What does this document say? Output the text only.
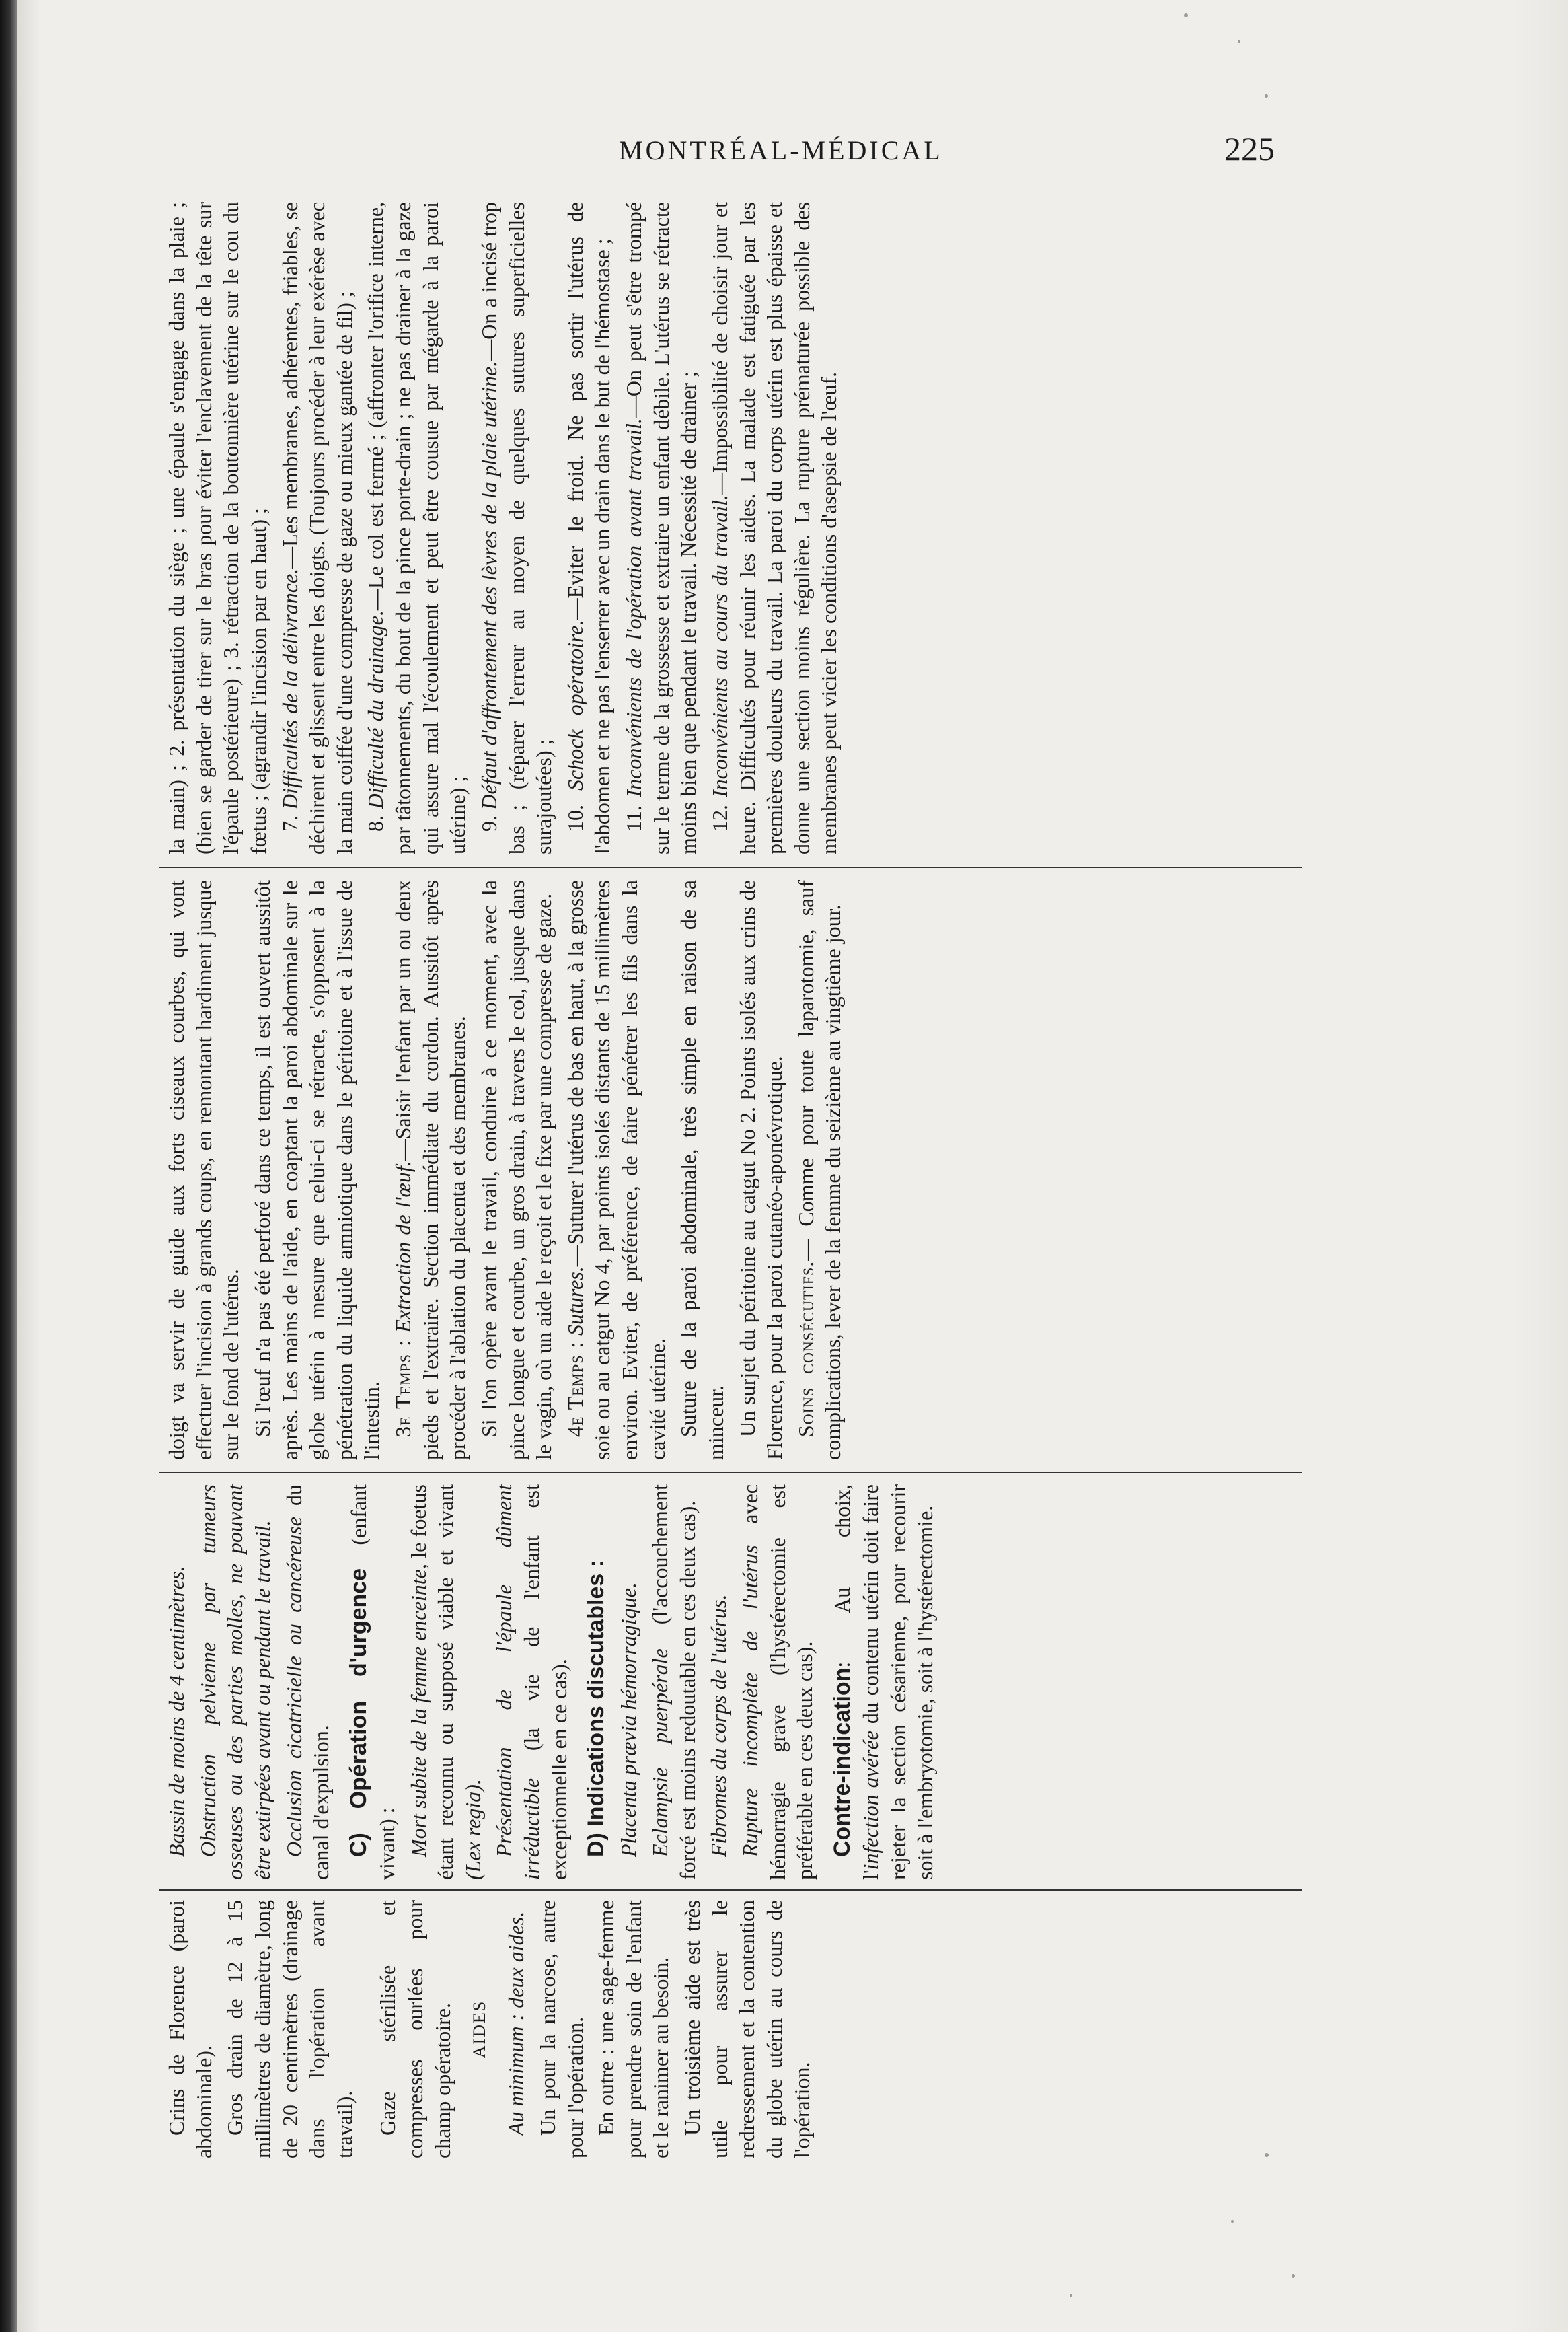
MONTRÉAL-MÉDICAL	225

Crins de Florence (paroi abdominale). Gros drain de 12 à 15 millimètres de diamètre, long de 20 centimètres (drainage dans l'opération avant travail). Gaze stérilisée et compresses ourlées pour champ opératoire. AIDES Au minimum : deux aides. Un pour la narcose, autre pour l'opération. En outre : une sage-femme pour prendre soin de l'enfant et le ranimer au besoin. Un troisième aide est très utile pour assurer le redressement et la contention du globe utérin au cours de l'opération.

Bassin de moins de 4 centimètres. Obstruction pelvienne par tumeurs osseuses ou des parties molles, ne pouvant être extirpées avant ou pendant le travail. Occlusion cicatricielle ou cancéreuse du canal d'expulsion. C) Opération d'urgence (enfant vivant) : Mort subite de la femme enceinte, le foetus étant reconnu ou supposé viable et vivant (Lex regia). Présentation de l'épaule dûment irréductible (la vie de l'enfant est exceptionnelle en ce cas). D) Indications discutables : Placenta prævia hémorragique. Eclampsie puerpérale (l'accouchement forcé est moins redoutable en ces deux cas). Fibromes du corps de l'utérus. Rupture incomplète de l'utérus avec hémorragie grave (l'hystérectomie est préférable en ces deux cas). Contre-indication: Au choix, l'infection avérée du contenu utérin doit faire rejeter la section césarienne, pour recourir soit à l'embryotomie, soit à l'hystérectomie.

doigt va servir de guide aux forts ciseaux courbes, qui vont effectuer l'incision à grands coups, en remontant hardiment jusque sur le fond de l'utérus. Si l'œuf n'a pas été perforé dans ce temps, il est ouvert aussitôt après. Les mains de l'aide, en coaptant la paroi abdominale sur le globe utérin à mesure que celui-ci se rétracte, s'opposent à la pénétration du liquide amniotique dans le péritoine et à l'issue de l'intestin. 3e Temps : Extraction de l'œuf.—Saisir l'enfant par un ou deux pieds et l'extraire. Section immédiate du cordon. Aussitôt après procéder à l'ablation du placenta et des membranes. Si l'on opère avant le travail, conduire à ce moment, avec la pince longue et courbe, un gros drain, à travers le col, jusque dans le vagin, où un aide le reçoit et le fixe par une compresse de gaze. 4e Temps : Sutures.—Suturer l'utérus de bas en haut, à la grosse soie ou au catgut No 4, par points isolés distants de 15 millimètres environ. Eviter, de préférence, de faire pénétrer les fils dans la cavité utérine. Suture de la paroi abdominale, très simple en raison de sa minceur. Un surjet du péritoine au catgut No 2. Points isolés aux crins de Florence, pour la paroi cutanéo-aponévrotique. Soins consécutifs.— Comme pour toute laparotomie, sauf complications, lever de la femme du seizième au vingtième jour.

la main) ; 2. présentation du siège ; une épaule s'engage dans la plaie ; (bien se garder de tirer sur le bras pour éviter l'enclavement de la tête sur l'épaule postérieure) ; 3. rétraction de la boutonnière utérine sur le cou du fœtus ; (agrandir l'incision par en haut) ; 7. Difficultés de la délivrance.—Les membranes, adhérentes, friables, se déchirent et glissent entre les doigts. (Toujours procéder à leur exérèse avec la main coiffée d'une compresse de gaze ou mieux gantée de fil) ; 8. Difficulté du drainage.—Le col est fermé ; (affronter l'orifice interne, par tâtonnements, du bout de la pince porte-drain ; ne pas drainer à la gaze qui assure mal l'écoulement et peut être cousue par mégarde à la paroi utérine) ; 9. Défaut d'affrontement des lèvres de la plaie utérine.—On a incisé trop bas ; (réparer l'erreur au moyen de quelques sutures superficielles surajoutées) ; 10. Schock opératoire.—Eviter le froid. Ne pas sortir l'utérus de l'abdomen et ne pas l'enserrer avec un drain dans le but de l'hémostase ; 11. Inconvénients de l'opération avant travail.—On peut s'être trompé sur le terme de la grossesse et extraire un enfant débile. L'utérus se rétracte moins bien que pendant le travail. Nécessité de drainer ; 12. Inconvénients au cours du travail.—Impossibilité de choisir jour et heure. Difficultés pour réunir les aides. La malade est fatiguée par les premières douleurs du travail. La paroi du corps utérin est plus épaisse et donne une section moins régulière. La rupture prématurée possible des membranes peut vicier les conditions d'asepsie de l'œuf.
